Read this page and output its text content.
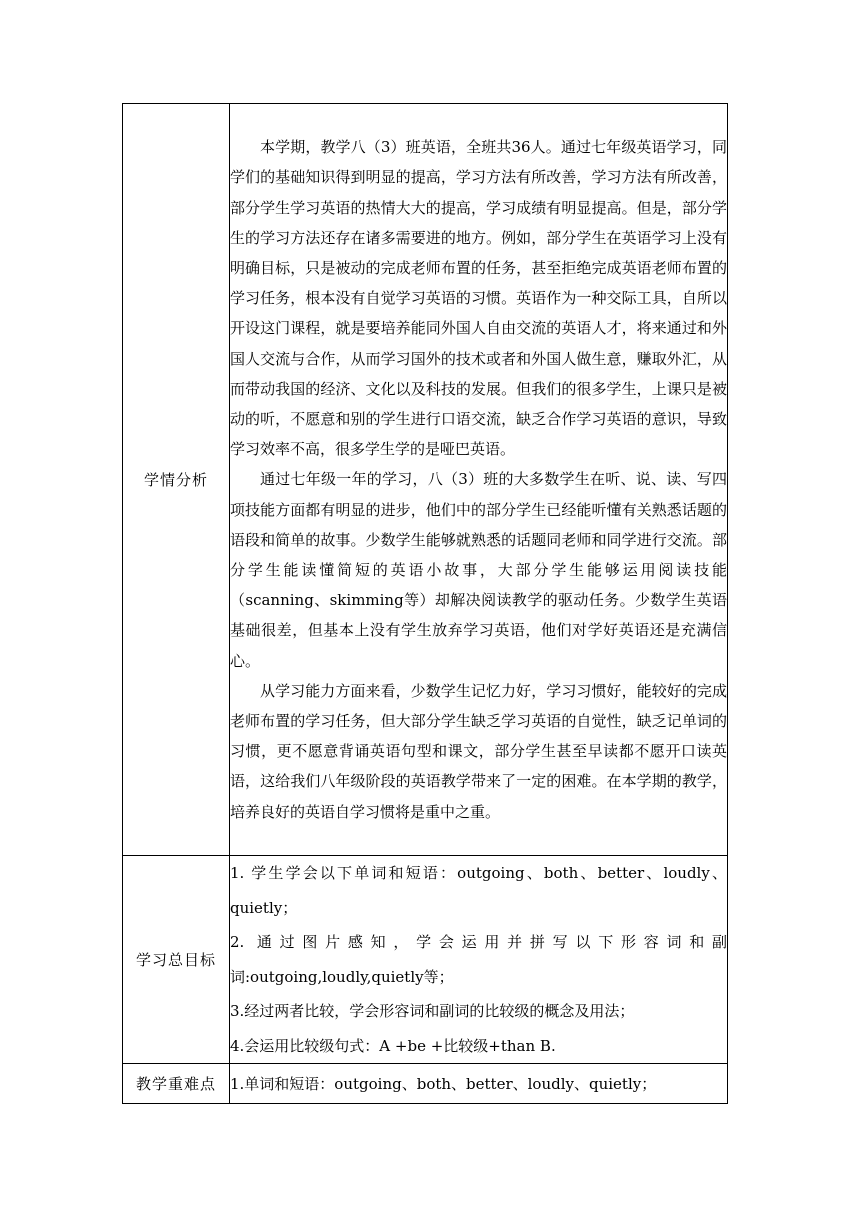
学情分析	本学期，教学八（3）班英语，全班共36人。通过七年级英语学习，同学们的基础知识得到明显的提高，学习方法有所改善，学习方法有所改善，部分学生学习英语的热情大大的提高，学习成绩有明显提高。但是，部分学生的学习方法还存在诸多需要进的地方。例如，部分学生在英语学习上没有明确目标，只是被动的完成老师布置的任务，甚至拒绝完成英语老师布置的学习任务，根本没有自觉学习英语的习惯。英语作为一种交际工具，自所以开设这门课程，就是要培养能同外国人自由交流的英语人才，将来通过和外国人交流与合作，从而学习国外的技术或者和外国人做生意，赚取外汇，从而带动我国的经济、文化以及科技的发展。但我们的很多学生，上课只是被动的听，不愿意和别的学生进行口语交流，缺乏合作学习英语的意识，导致学习效率不高，很多学生学的是哑巴英语。

通过七年级一年的学习，八（3）班的大多数学生在听、说、读、写四项技能方面都有明显的进步，他们中的部分学生已经能听懂有关熟悉话题的语段和简单的故事。少数学生能够就熟悉的话题同老师和同学进行交流。部分学生能读懂简短的英语小故事，大部分学生能够运用阅读技能（scanning、skimming等）却解决阅读教学的驱动任务。少数学生英语基础很差，但基本上没有学生放弃学习英语，他们对学好英语还是充满信心。

从学习能力方面来看，少数学生记忆力好，学习习惯好，能较好的完成老师布置的学习任务，但大部分学生缺乏学习英语的自觉性，缺乏记单词的习惯，更不愿意背诵英语句型和课文，部分学生甚至早读都不愿开口读英语，这给我们八年级阶段的英语教学带来了一定的困难。在本学期的教学，培养良好的英语自学习惯将是重中之重。

学习总目标	1. 学生学会以下单词和短语：outgoing、both、better、loudly、quietly；

2. 通过图片感知，学会运用并拼写以下形容词和副词:outgoing,loudly,quietly等；

3.经过两者比较，学会形容词和副词的比较级的概念及用法；

4.会运用比较级句式：A +be +比较级+than B.

教学重难点	1.单词和短语：outgoing、both、better、loudly、quietly；
